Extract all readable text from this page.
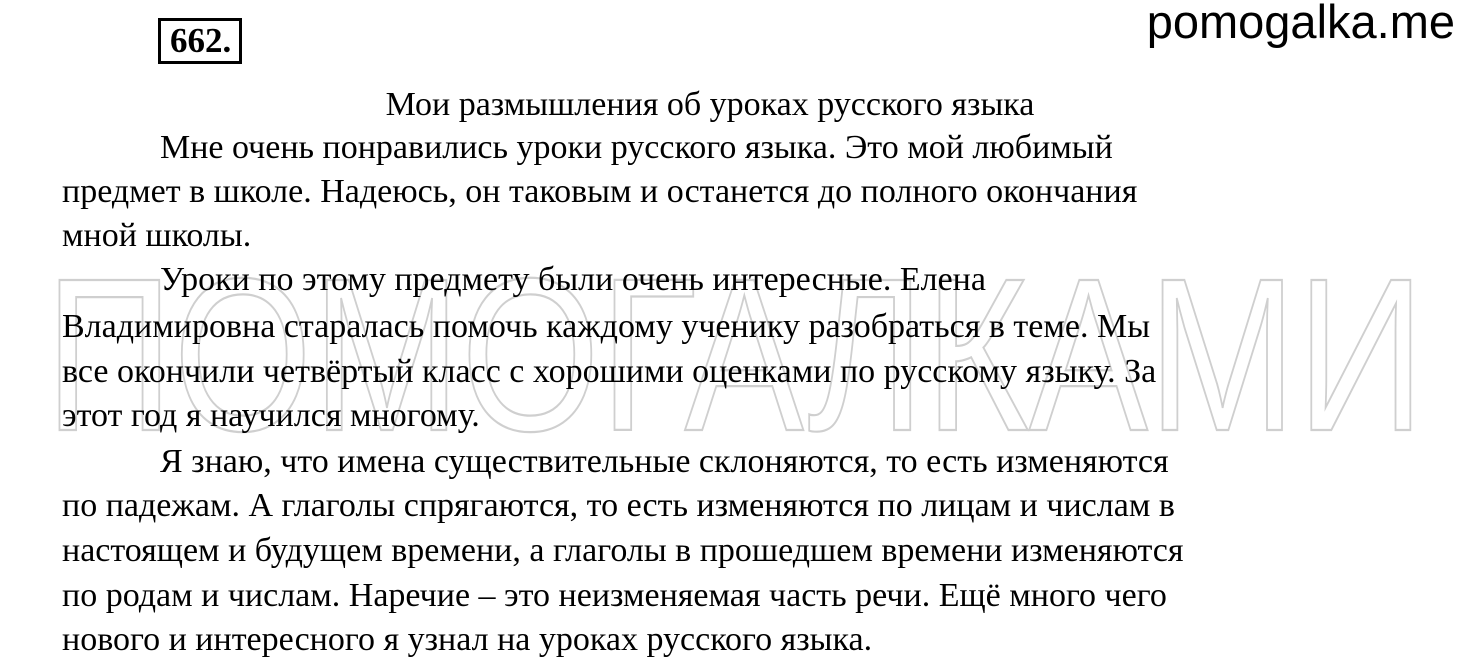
ПОМОГАЛКАМИ
662.	pomogalka.me
Мои размышления об уроках русского языка
Мне очень понравились уроки русского языка. Это мой любимый
предмет в школе. Надеюсь, он таковым и останется до полного окончания
мной школы.
Уроки по этому предмету были очень интересные. Елена
Владимировна старалась помочь каждому ученику разобраться в теме. Мы
все окончили четвёртый класс с хорошими оценками по русскому языку. За
этот год я научился многому.
Я знаю, что имена существительные склоняются, то есть изменяются
по падежам. А глаголы спрягаются, то есть изменяются по лицам и числам в
настоящем и будущем времени, а глаголы в прошедшем времени изменяются
по родам и числам. Наречие – это неизменяемая часть речи. Ещё много чего
нового и интересного я узнал на уроках русского языка.
